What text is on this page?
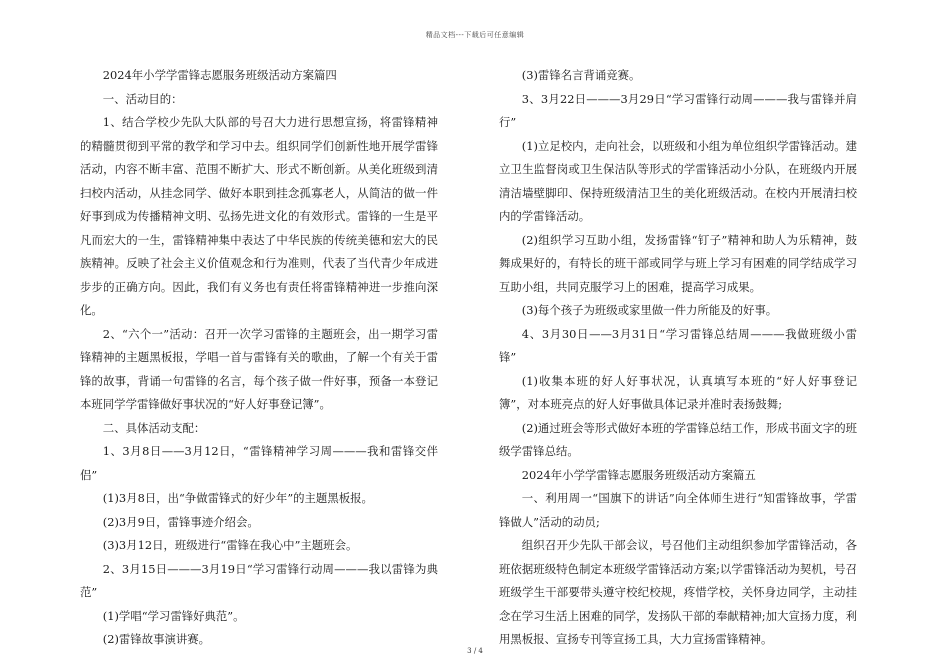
精品文档---下载后可任意编辑

2024年小学学雷锋志愿服务班级活动方案篇四

一、活动目的：

1、结合学校少先队大队部的号召大力进行思想宣扬，将雷锋精神的精髓贯彻到平常的教学和学习中去。组织同学们创新性地开展学雷锋活动，内容不断丰富、范围不断扩大、形式不断创新。从美化班级到清扫校内活动，从挂念同学、做好本职到挂念孤寡老人，从简洁的做一件好事到成为传播精神文明、弘扬先进文化的有效形式。雷锋的一生是平凡而宏大的一生，雷锋精神集中表达了中华民族的传统美德和宏大的民族精神。反映了社会主义价值观念和行为准则，代表了当代青少年成进步步的正确方向。因此，我们有义务也有责任将雷锋精神进一步推向深化。

2、“六个一”活动：召开一次学习雷锋的主题班会，出一期学习雷锋精神的主题黑板报，学唱一首与雷锋有关的歌曲，了解一个有关于雷锋的故事，背诵一句雷锋的名言，每个孩子做一件好事，预备一本登记本班同学学雷锋做好事状况的“好人好事登记簿”。

二、具体活动支配：

1、3月8日——3月12日，“雷锋精神学习周———我和雷锋交伴侣”

(1)3月8日，出“争做雷锋式的好少年”的主题黑板报。

(2)3月9日，雷锋事迹介绍会。

(3)3月12日，班级进行“雷锋在我心中”主题班会。

2、3月15日———3月19日“学习雷锋行动周———我以雷锋为典范”

(1)学唱“学习雷锋好典范”。

(2)雷锋故事演讲赛。

(3)雷锋名言背诵竞赛。

3、3月22日———3月29日“学习雷锋行动周———我与雷锋并肩行”

(1)立足校内，走向社会，以班级和小组为单位组织学雷锋活动。建立卫生监督岗或卫生保洁队等形式的学雷锋活动小分队，在班级内开展清洁墙壁脚印、保持班级清洁卫生的美化班级活动。在校内开展清扫校内的学雷锋活动。

(2)组织学习互助小组，发扬雷锋“钉子”精神和助人为乐精神，鼓舞成果好的，有特长的班干部或同学与班上学习有困难的同学结成学习互助小组，共同克服学习上的困难，提高学习成果。

(3)每个孩子为班级或家里做一件力所能及的好事。

4、3月30日——3月31日“学习雷锋总结周———我做班级小雷锋”

(1)收集本班的好人好事状况，认真填写本班的“好人好事登记簿”，对本班亮点的好人好事做具体记录并准时表扬鼓舞;

(2)通过班会等形式做好本班的学雷锋总结工作，形成书面文字的班级学雷锋总结。

2024年小学学雷锋志愿服务班级活动方案篇五

一、利用周一“国旗下的讲话”向全体师生进行“知雷锋故事，学雷锋做人”活动的动员;

组织召开少先队干部会议，号召他们主动组织参加学雷锋活动，各班依据班级特色制定本班级学雷锋活动方案;以学雷锋活动为契机，号召班级学生干部要带头遵守校纪校规，疼惜学校，关怀身边同学，主动挂念在学习生活上困难的同学，发扬队干部的奉献精神;加大宣扬力度，利用黑板报、宣扬专刊等宣扬工具，大力宣扬雷锋精神。

3 / 4
